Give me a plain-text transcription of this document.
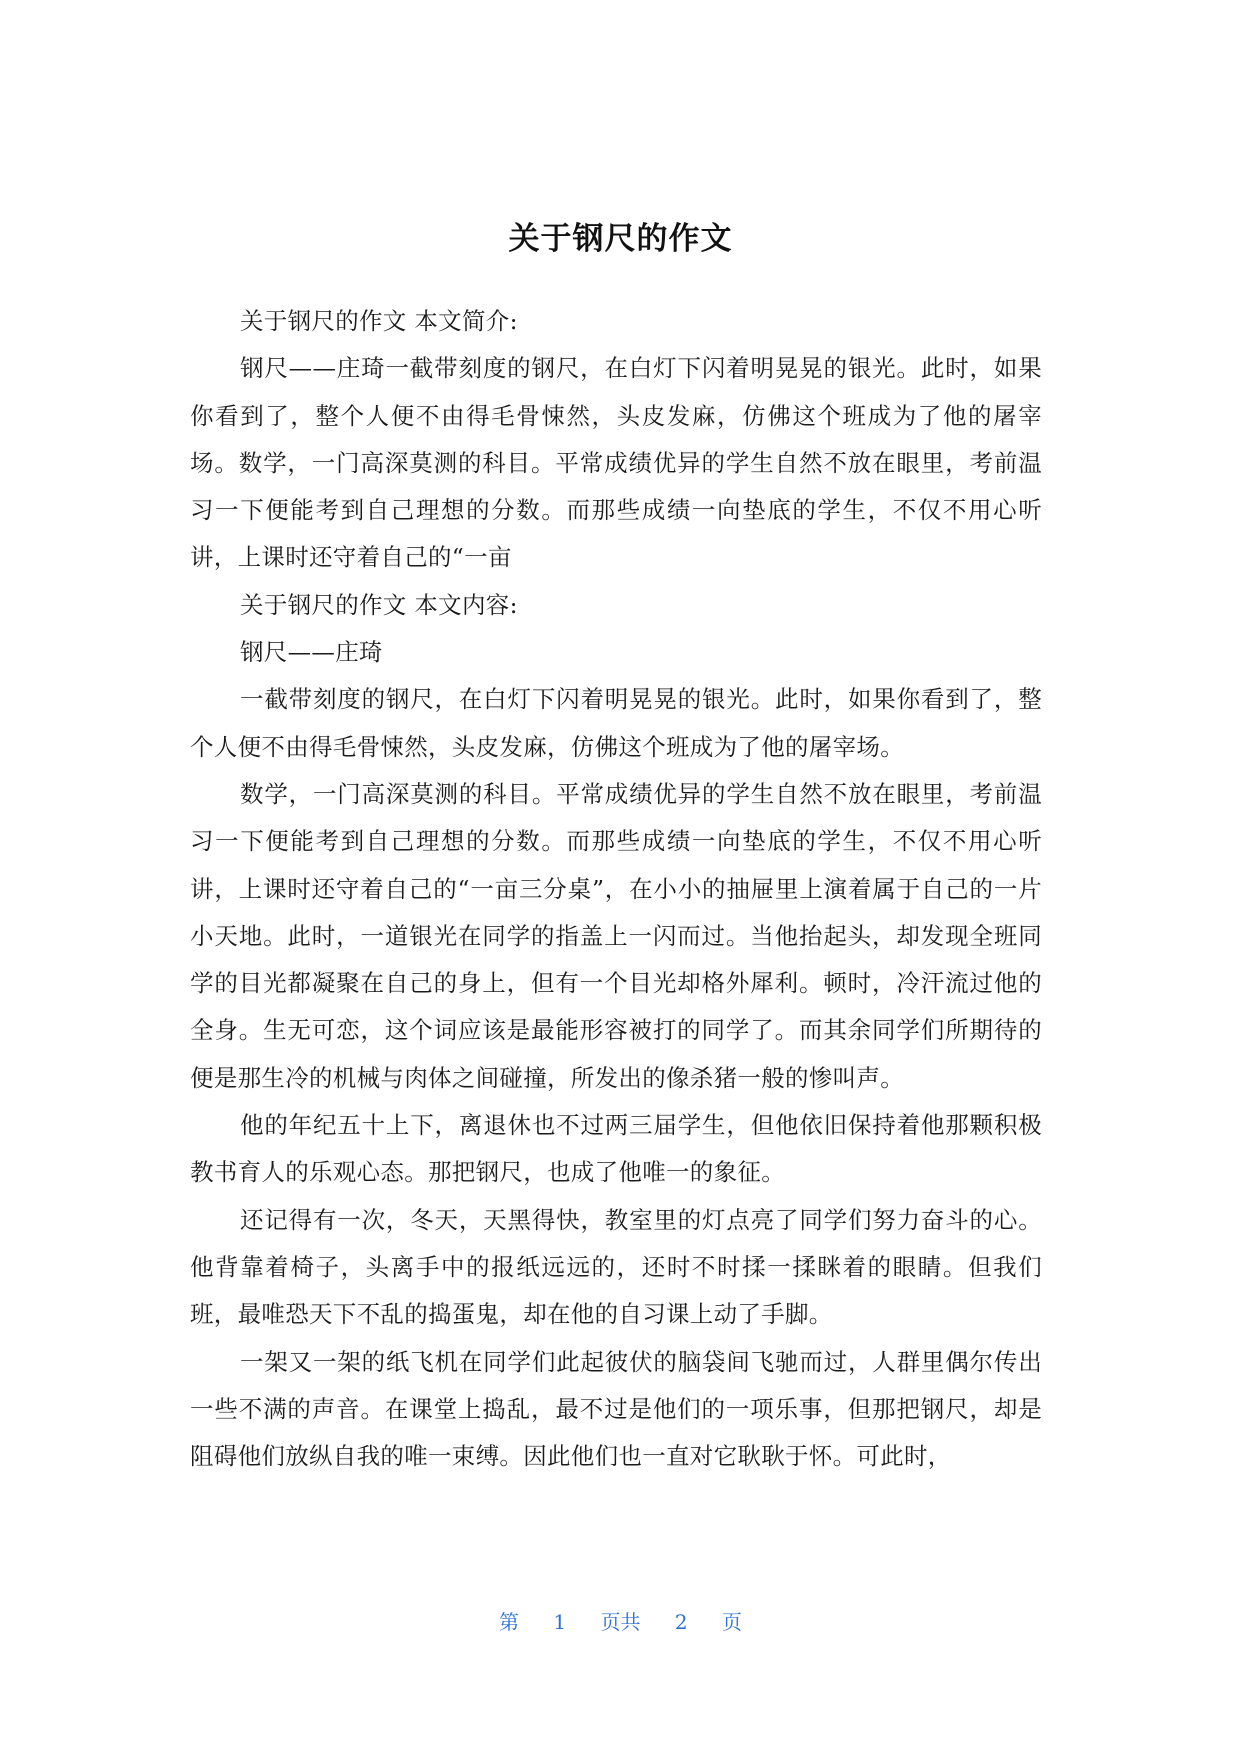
关于钢尺的作文

关于钢尺的作文 本文简介:

钢尺——庄琦一截带刻度的钢尺，在白灯下闪着明晃晃的银光。此时，如果你看到了，整个人便不由得毛骨悚然，头皮发麻，仿佛这个班成为了他的屠宰场。数学，一门高深莫测的科目。平常成绩优异的学生自然不放在眼里，考前温习一下便能考到自己理想的分数。而那些成绩一向垫底的学生，不仅不用心听讲，上课时还守着自己的“一亩

关于钢尺的作文 本文内容:

钢尺——庄琦

一截带刻度的钢尺，在白灯下闪着明晃晃的银光。此时，如果你看到了，整个人便不由得毛骨悚然，头皮发麻，仿佛这个班成为了他的屠宰场。

数学，一门高深莫测的科目。平常成绩优异的学生自然不放在眼里，考前温习一下便能考到自己理想的分数。而那些成绩一向垫底的学生，不仅不用心听讲，上课时还守着自己的“一亩三分桌”，在小小的抽屉里上演着属于自己的一片小天地。此时，一道银光在同学的指盖上一闪而过。当他抬起头，却发现全班同学的目光都凝聚在自己的身上，但有一个目光却格外犀利。顿时，冷汗流过他的全身。生无可恋，这个词应该是最能形容被打的同学了。而其余同学们所期待的便是那生冷的机械与肉体之间碰撞，所发出的像杀猪一般的惨叫声。

他的年纪五十上下，离退休也不过两三届学生，但他依旧保持着他那颗积极教书育人的乐观心态。那把钢尺，也成了他唯一的象征。

还记得有一次，冬天，天黑得快，教室里的灯点亮了同学们努力奋斗的心。他背靠着椅子，头离手中的报纸远远的，还时不时揉一揉眯着的眼睛。但我们班，最唯恐天下不乱的捣蛋鬼，却在他的自习课上动了手脚。

一架又一架的纸飞机在同学们此起彼伏的脑袋间飞驰而过，人群里偶尔传出一些不满的声音。在课堂上捣乱，最不过是他们的一项乐事，但那把钢尺，却是阻碍他们放纵自我的唯一束缚。因此他们也一直对它耿耿于怀。可此时，

第 1 页共 2 页
